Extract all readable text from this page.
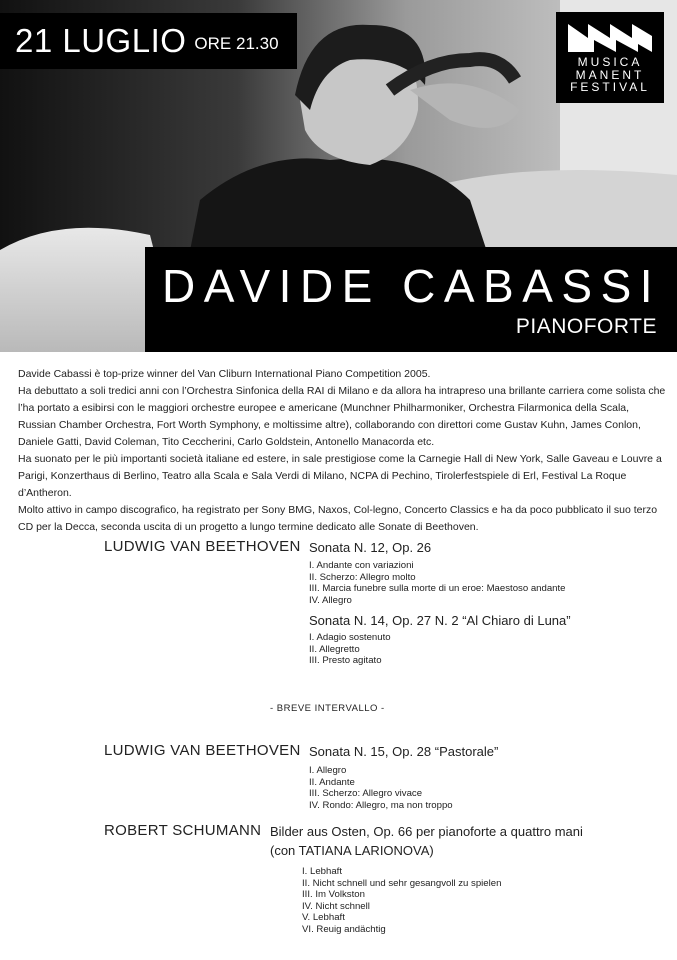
21 LUGLIO ORE 21.30
MUSICA
MANENT
FESTIVAL
DAVIDE CABASSI
PIANOFORTE

Davide Cabassi è top-prize winner del Van Cliburn International Piano Competition 2005.

Ha debuttato a soli tredici anni con l’Orchestra Sinfonica della RAI di Milano e da allora ha intrapreso una brillante carriera come solista che l’ha portato a esibirsi con le maggiori orchestre europee e americane (Munchner Philharmoniker, Orchestra Filarmonica della Scala, Russian Chamber Orchestra, Fort Worth Symphony, e moltissime altre), collaborando con direttori come Gustav Kuhn, James Conlon, Daniele Gatti, David Coleman, Tito Ceccherini, Carlo Goldstein, Antonello Manacorda etc.

Ha suonato per le più importanti società italiane ed estere, in sale prestigiose come la Carnegie Hall di New York, Salle Gaveau e Louvre a Parigi, Konzerthaus di Berlino, Teatro alla Scala e Sala Verdi di Milano, NCPA di Pechino, Tirolerfestspiele di Erl, Festival La Roque d’Antheron.

Molto attivo in campo discografico, ha registrato per Sony BMG, Naxos, Col-legno, Concerto Classics e ha da poco pubblicato il suo terzo CD per la Decca, seconda uscita di un progetto a lungo termine dedicato alle Sonate di Beethoven.

LUDWIG VAN BEETHOVEN Sonata N. 12, Op. 26
I. Andante con variazioni
II. Scherzo: Allegro molto
III. Marcia funebre sulla morte di un eroe: Maestoso andante
IV. Allegro
Sonata N. 14, Op. 27 N. 2 “Al Chiaro di Luna”
I. Adagio sostenuto
II. Allegretto
III. Presto agitato
- BREVE INTERVALLO -
LUDWIG VAN BEETHOVEN Sonata N. 15, Op. 28 “Pastorale”
I. Allegro
II. Andante
III. Scherzo: Allegro vivace
IV. Rondo: Allegro, ma non troppo
ROBERT SCHUMANN Bilder aus Osten, Op. 66 per pianoforte a quattro mani
(con TATIANA LARIONOVA)
I. Lebhaft
II. Nicht schnell und sehr gesangvoll zu spielen
III. Im Volkston
IV. Nicht schnell
V. Lebhaft
VI. Reuig andächtig
